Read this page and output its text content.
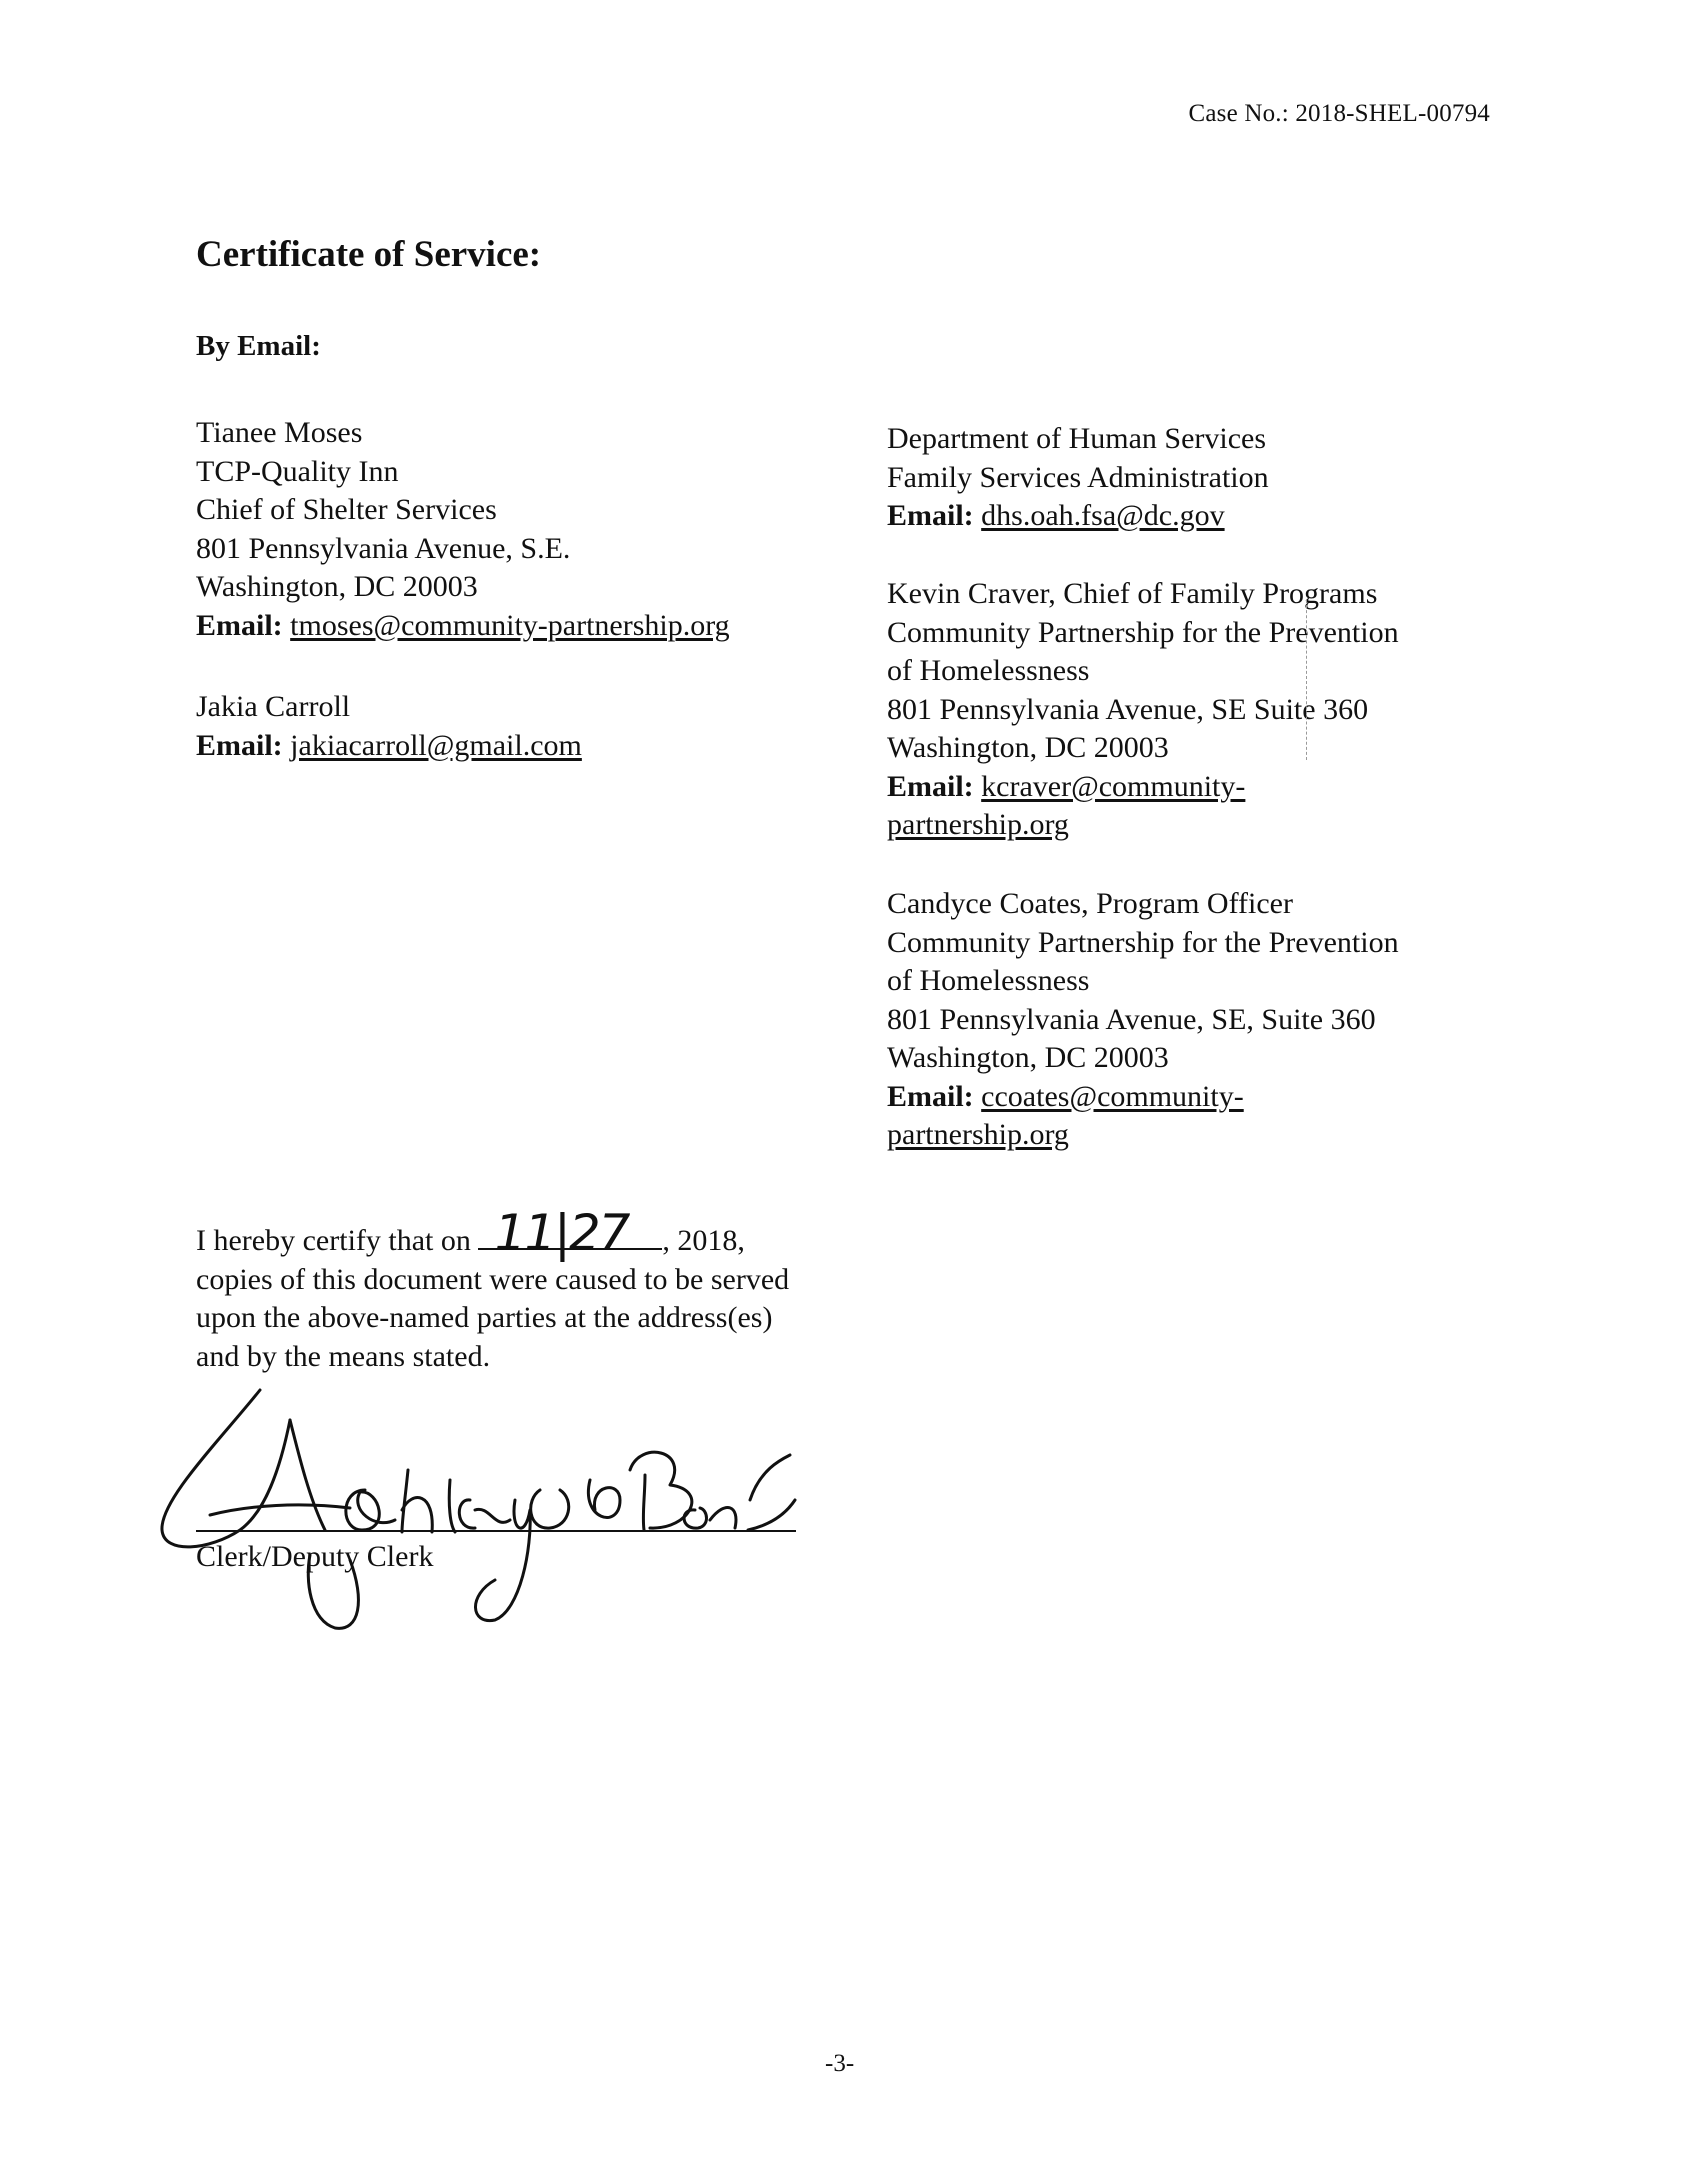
Case No.: 2018-SHEL-00794
Certificate of Service:
By Email:
Tianee Moses
TCP-Quality Inn
Chief of Shelter Services
801 Pennsylvania Avenue, S.E.
Washington, DC 20003
Email: tmoses@community-partnership.org
Jakia Carroll
Email: jakiacarroll@gmail.com
Department of Human Services
Family Services Administration
Email: dhs.oah.fsa@dc.gov
Kevin Craver, Chief of Family Programs
Community Partnership for the Prevention
of Homelessness
801 Pennsylvania Avenue, SE Suite 360
Washington, DC 20003
Email: kcraver@community-
partnership.org
Candyce Coates, Program Officer
Community Partnership for the Prevention
of Homelessness
801 Pennsylvania Avenue, SE, Suite 360
Washington, DC 20003
Email: ccoates@community-
partnership.org
I hereby certify that on 11|27 , 2018,
copies of this document were caused to be served
upon the above-named parties at the address(es)
and by the means stated.
Clerk/Deputy Clerk
-3-
